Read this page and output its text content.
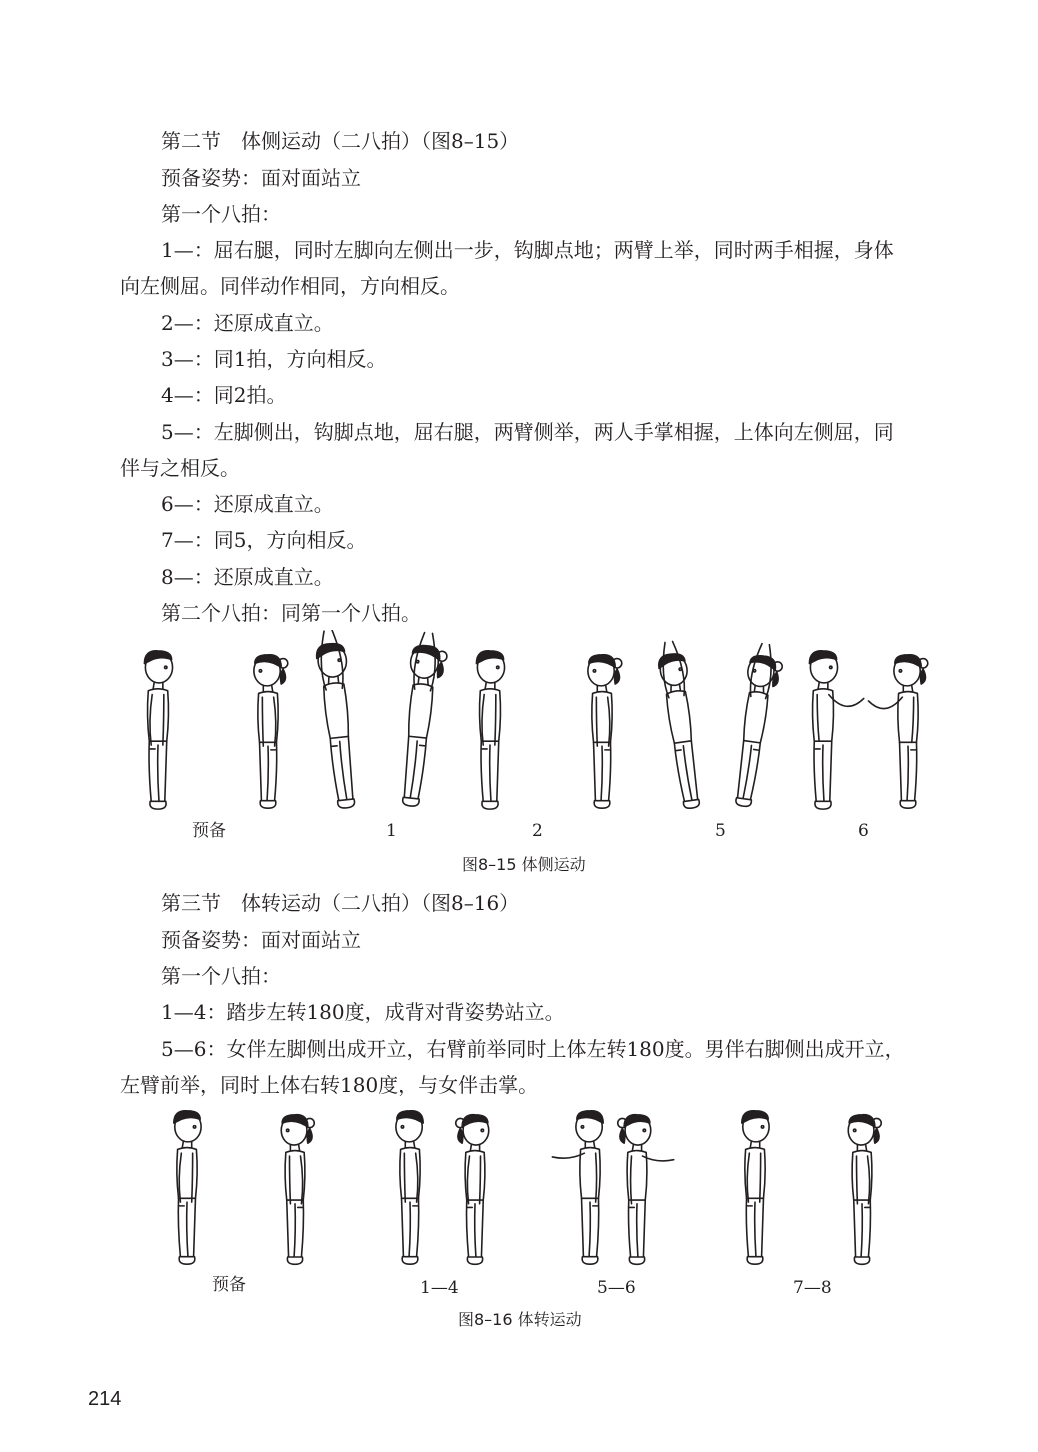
第二节　体侧运动（二八拍）（图8–15）
预备姿势：面对面站立
第一个八拍：
1—：屈右腿，同时左脚向左侧出一步，钩脚点地；两臂上举，同时两手相握，身体
向左侧屈。同伴动作相同，方向相反。
2—：还原成直立。
3—：同1拍，方向相反。
4—：同2拍。
5—：左脚侧出，钩脚点地，屈右腿，两臂侧举，两人手掌相握，上体向左侧屈，同
伴与之相反。
6—：还原成直立。
7—：同5，方向相反。
8—：还原成直立。
第二个八拍：同第一个八拍。
预备	1	2	5	6
图8–15 体侧运动
第三节　体转运动（二八拍）（图8–16）
预备姿势：面对面站立
第一个八拍：
1—4：踏步左转180度，成背对背姿势站立。
5—6：女伴左脚侧出成开立，右臂前举同时上体左转180度。男伴右脚侧出成开立，
左臂前举，同时上体右转180度，与女伴击掌。
预备	1—4	5—6	7—8
图8–16 体转运动
214
